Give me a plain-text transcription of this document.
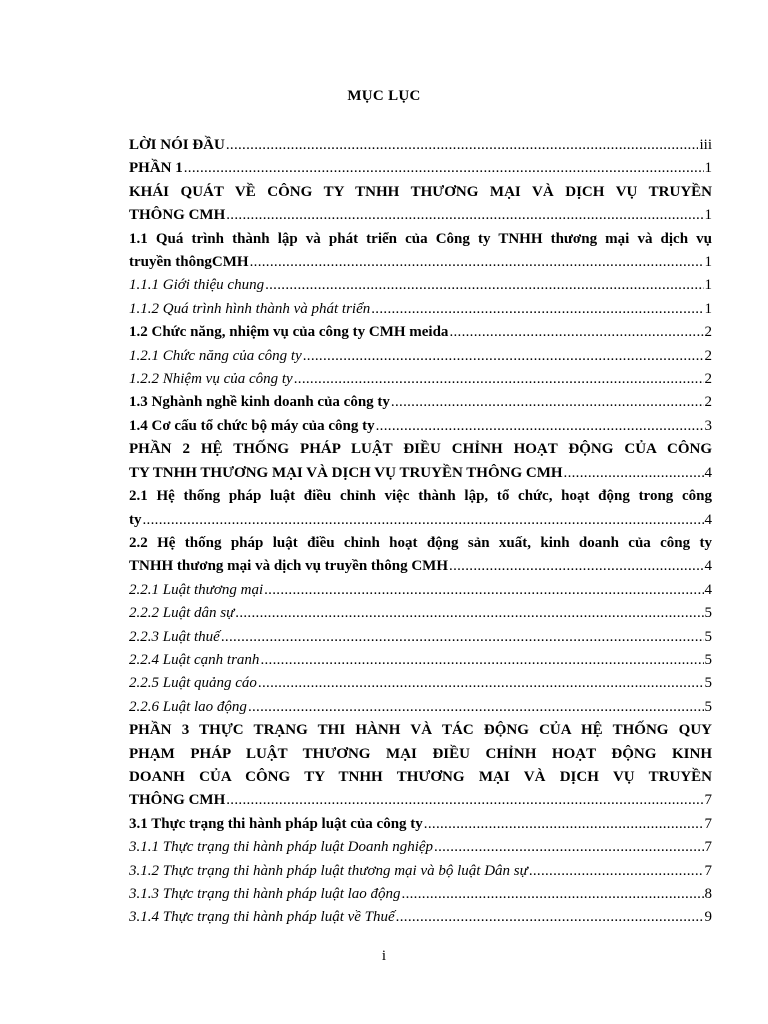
MỤC LỤC
LỜI NÓI ĐẦU .....	iii
PHẦN 1 .....	1
KHÁI QUÁT VỀ CÔNG TY TNHH THƯƠNG MẠI VÀ DỊCH VỤ TRUYỀN
THÔNG CMH .....	1
1.1 Quá trình thành lập và phát triển của Công ty TNHH thương mại và dịch vụ
truyền thôngCMH .....	1
1.1.1 Giới thiệu chung .....	1
1.1.2 Quá trình hình thành và phát triển .....	1
1.2 Chức năng, nhiệm vụ của công ty CMH meida .....	2
1.2.1 Chức năng của công ty .....	2
1.2.2 Nhiệm vụ của công ty .....	2
1.3 Nghành nghề kinh doanh của công ty .....	2
1.4 Cơ cấu tổ chức bộ máy của công ty .....	3
PHẦN 2 HỆ THỐNG PHÁP LUẬT ĐIỀU CHỈNH HOẠT ĐỘNG CỦA CÔNG
TY TNHH THƯƠNG MẠI VÀ DỊCH VỤ TRUYỀN THÔNG CMH .....	4
2.1 Hệ thống pháp luật điều chỉnh việc thành lập, tổ chức, hoạt động trong công
ty .....	4
2.2 Hệ thống pháp luật điều chỉnh hoạt động sản xuất, kinh doanh của công ty
TNHH thương mại và dịch vụ truyền thông CMH .....	4
2.2.1 Luật thương mại .....	4
2.2.2 Luật dân sự .....	5
2.2.3 Luật thuế .....	5
2.2.4 Luật cạnh tranh .....	5
2.2.5 Luật quảng cáo .....	5
2.2.6 Luật lao động .....	5
PHẦN 3 THỰC TRẠNG THI HÀNH VÀ TÁC ĐỘNG CỦA HỆ THỐNG QUY
PHẠM PHÁP LUẬT THƯƠNG MẠI ĐIỀU CHỈNH HOẠT ĐỘNG KINH
DOANH CỦA CÔNG TY TNHH THƯƠNG MẠI VÀ DỊCH VỤ TRUYỀN
THÔNG CMH .....	7
3.1 Thực trạng thi hành pháp luật của công ty .....	7
3.1.1 Thực trạng thi hành pháp luật Doanh nghiệp .....	7
3.1.2 Thực trạng thi hành pháp luật thương mại và bộ luật Dân sự .....	7
3.1.3 Thực trạng thi hành pháp luật lao động .....	8
3.1.4 Thực trạng thi hành pháp luật về Thuế .....	9
i
